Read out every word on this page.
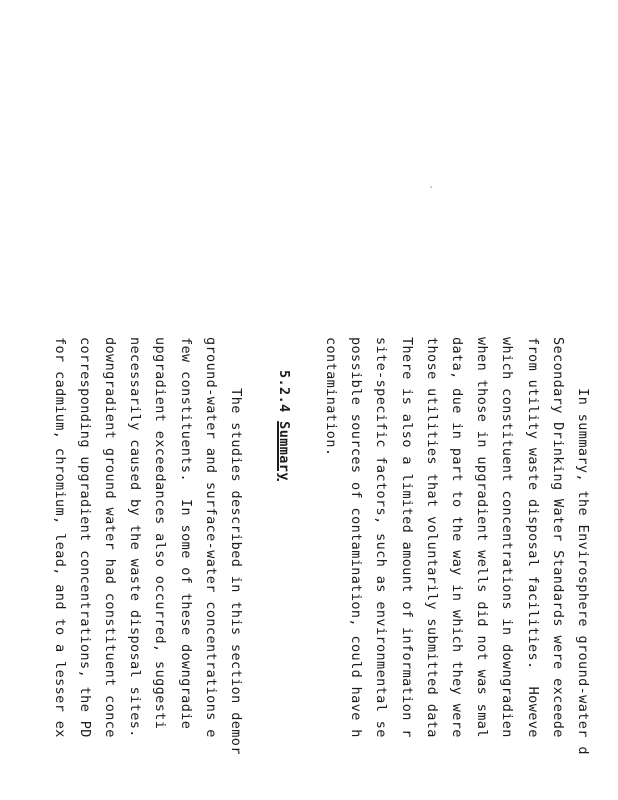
In summary, the Envirosphere ground-water d
Secondary Drinking Water Standards were exceede
from utility waste disposal facilities.  Howeve
which constituent concentrations in downgradien
when those in upgradient wells did not was smal
data, due in part to the way in which they were
those utilities that voluntarily submitted data
There is also a limited amount of information r
site-specific factors, such as environmental se
possible sources of contamination, could have h
contamination.
5.2.4 Summary
The studies described in this section demor
ground-water and surface-water concentrations e
few constituents.  In some of these downgradie
upgradient exceedances also occurred, suggesti
necessarily caused by the waste disposal sites.
downgradient ground water had constituent conce
corresponding upgradient concentrations, the PD
for cadmium, chromium, lead, and to a lesser ex
